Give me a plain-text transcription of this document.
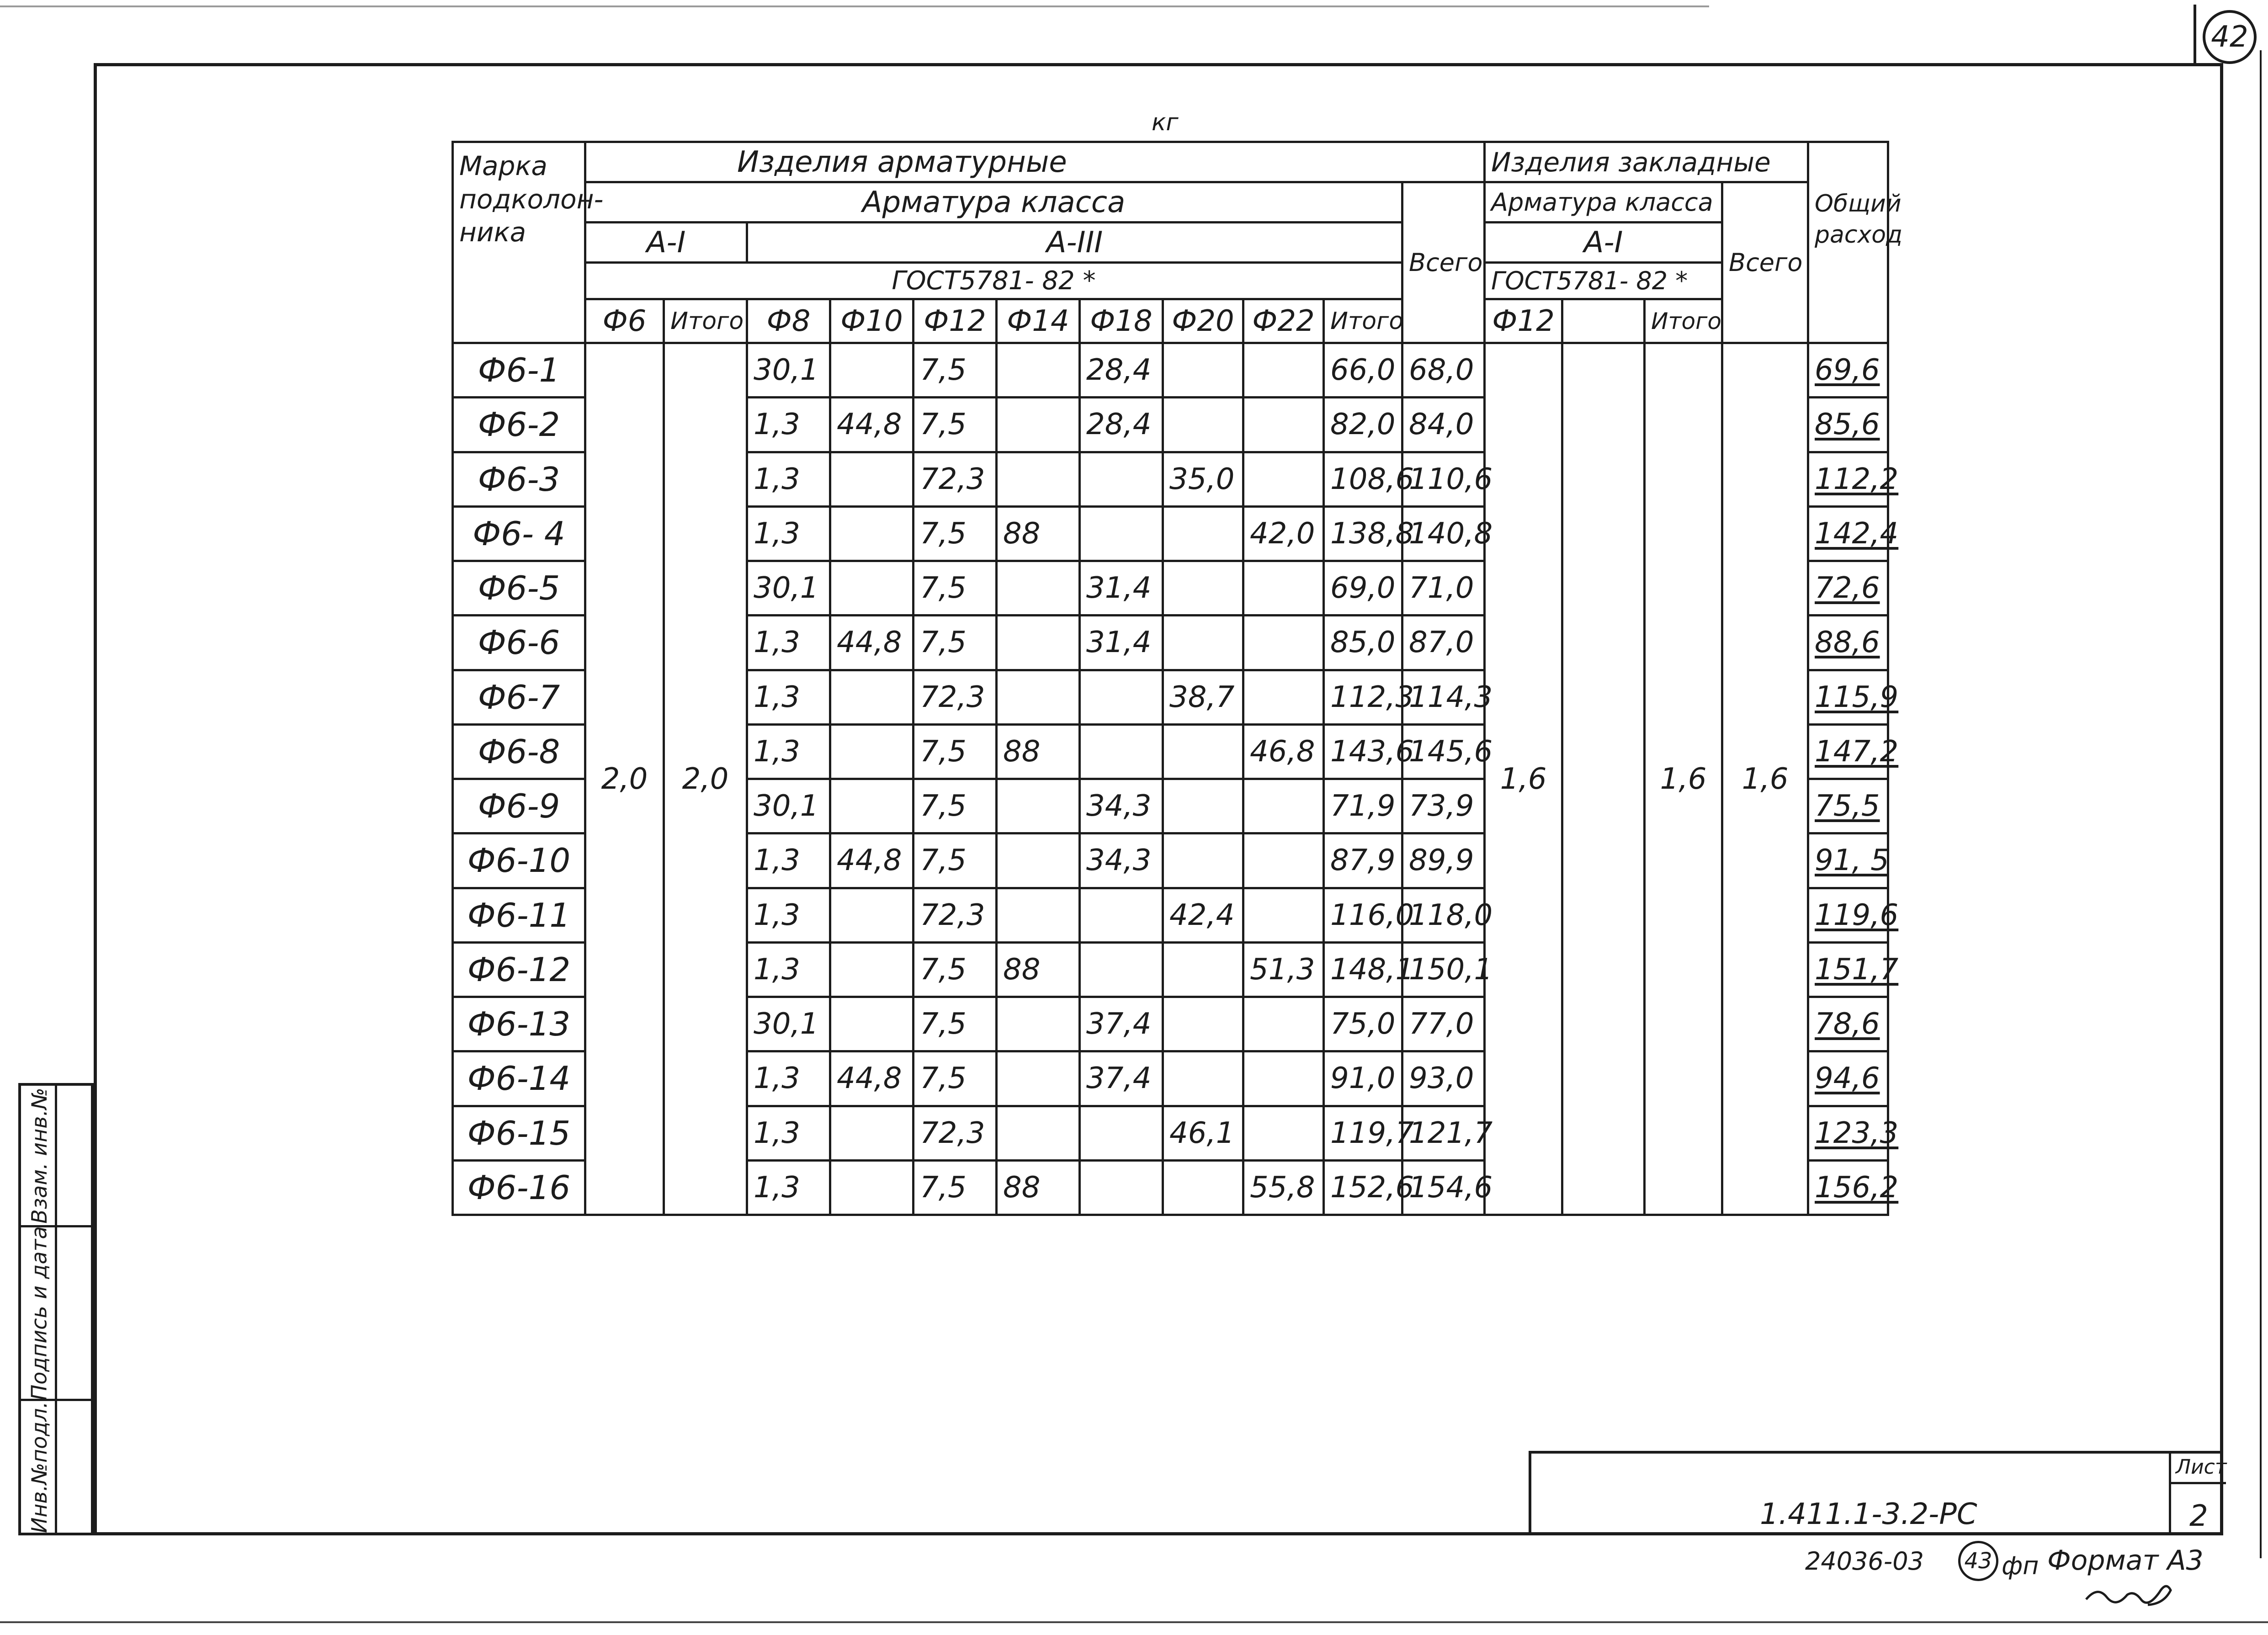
42
кг
Марка подколон- ника	Изделия арматурные											Изделия закладные				Общий расход
	Арматура класса										Всего	Арматура класса			Всего	
	А-I		А-III									А-I				
	ГОСТ5781- 82 *											ГОСТ5781- 82 *				
	Ф6	Итого	Ф8	Ф10	Ф12	Ф14	Ф18	Ф20	Ф22	Итого		Ф12		Итого		
Ф6-1	2,0	2,0	30,1		7,5		28,4			66,0	68,0	1,6		1,6	1,6	69,6
Ф6-2			1,3	44,8	7,5		28,4			82,0	84,0					85,6
Ф6-3			1,3		72,3			35,0		108,6	110,6					112,2
Ф6- 4			1,3		7,5	88			42,0	138,8	140,8					142,4
Ф6-5			30,1		7,5		31,4			69,0	71,0					72,6
Ф6-6			1,3	44,8	7,5		31,4			85,0	87,0					88,6
Ф6-7			1,3		72,3			38,7		112,3	114,3					115,9
Ф6-8			1,3		7,5	88			46,8	143,6	145,6					147,2
Ф6-9			30,1		7,5		34,3			71,9	73,9					75,5
Ф6-10			1,3	44,8	7,5		34,3			87,9	89,9					91, 5
Ф6-11			1,3		72,3			42,4		116,0	118,0					119,6
Ф6-12			1,3		7,5	88			51,3	148,1	150,1					151,7
Ф6-13			30,1		7,5		37,4			75,0	77,0					78,6
Ф6-14			1,3	44,8	7,5		37,4			91,0	93,0					94,6
Ф6-15			1,3		72,3			46,1		119,7	121,7					123,3
Ф6-16			1,3		7,5	88			55,8	152,6	154,6					156,2
Взам. инв.№
Подпись и дата
Инв.№подл.	1.411.1-3.2-РС
Лист
2
24036-03 43 фп Формат А3
